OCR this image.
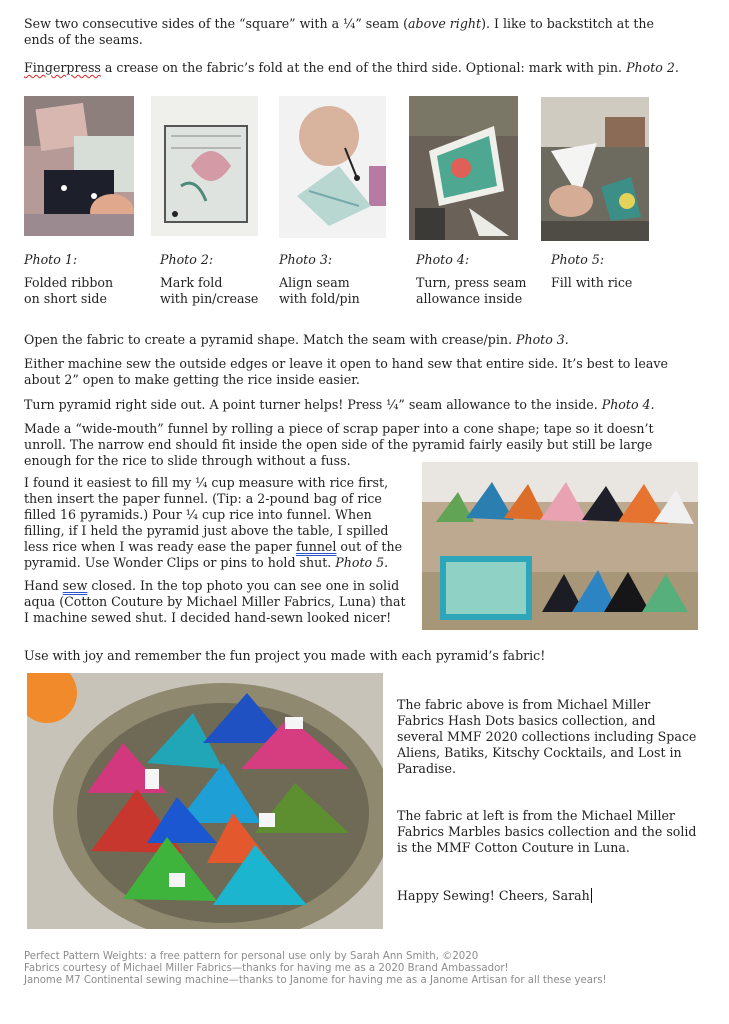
Sew two consecutive sides of the “square” with a ¼” seam (above right). I like to backstitch at the ends of the seams.

Fingerpress a crease on the fabric’s fold at the end of the third side. Optional: mark with pin. Photo 2.

Photo 1:
Folded ribbon
on short side
Photo 2:
Mark fold
with pin/crease
Photo 3:
Align seam
with fold/pin
Photo 4:
Turn, press seam
allowance inside
Photo 5:
Fill with rice

Open the fabric to create a pyramid shape. Match the seam with crease/pin. Photo 3.

Either machine sew the outside edges or leave it open to hand sew that entire side. It’s best to leave about 2” open to make getting the rice inside easier.

Turn pyramid right side out. A point turner helps! Press ¼” seam allowance to the inside. Photo 4.

Made a “wide-mouth” funnel by rolling a piece of scrap paper into a cone shape; tape so it doesn’t unroll. The narrow end should fit inside the open side of the pyramid fairly easily but still be large enough for the rice to slide through without a fuss.

I found it easiest to fill my ¼ cup measure with rice first, then insert the paper funnel. (Tip: a 2-pound bag of rice filled 16 pyramids.) Pour ¼ cup rice into funnel. When filling, if I held the pyramid just above the table, I spilled less rice when I was ready ease the paper funnel out of the pyramid. Use Wonder Clips or pins to hold shut. Photo 5.

Hand sew closed. In the top photo you can see one in solid aqua (Cotton Couture by Michael Miller Fabrics, Luna) that I machine sewed shut. I decided hand-sewn looked nicer!

Use with joy and remember the fun project you made with each pyramid’s fabric!

The fabric above is from Michael Miller Fabrics Hash Dots basics collection, and several MMF 2020 collections including Space Aliens, Batiks, Kitschy Cocktails, and Lost in Paradise.

The fabric at left is from the Michael Miller Fabrics Marbles basics collection and the solid is the MMF Cotton Couture in Luna.

Happy Sewing! Cheers, Sarah

Perfect Pattern Weights: a free pattern for personal use only by Sarah Ann Smith, ©2020
Fabrics courtesy of Michael Miller Fabrics—thanks for having me as a 2020 Brand Ambassador!
Janome M7 Continental sewing machine—thanks to Janome for having me as a Janome Artisan for all these years!
